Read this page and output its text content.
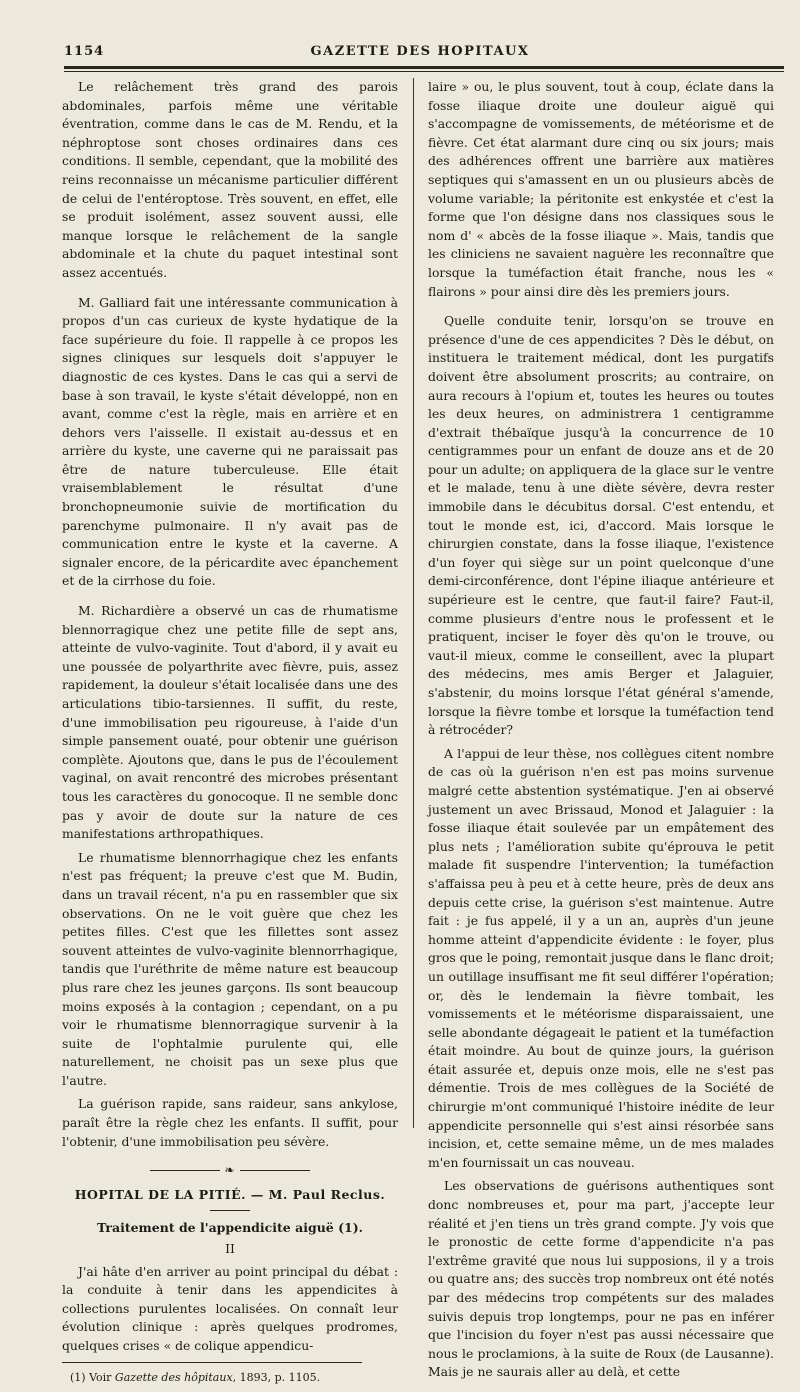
1154	GAZETTE DES HOPITAUX

Le relâchement très grand des parois abdominales, parfois même une véritable éventration, comme dans le cas de M. Rendu, et la néphroptose sont choses ordinaires dans ces conditions. Il semble, cependant, que la mobilité des reins reconnaisse un mécanisme particulier différent de celui de l'entéroptose. Très souvent, en effet, elle se produit isolément, assez souvent aussi, elle manque lorsque le relâchement de la sangle abdominale et la chute du paquet intestinal sont assez accentués.

M. Galliard fait une intéressante communication à propos d'un cas curieux de kyste hydatique de la face supérieure du foie. Il rappelle à ce propos les signes cliniques sur lesquels doit s'appuyer le diagnostic de ces kystes. Dans le cas qui a servi de base à son travail, le kyste s'était développé, non en avant, comme c'est la règle, mais en arrière et en dehors vers l'aisselle. Il existait au-dessus et en arrière du kyste, une caverne qui ne paraissait pas être de nature tuberculeuse. Elle était vraisemblablement le résultat d'une bronchopneumonie suivie de mortification du parenchyme pulmonaire. Il n'y avait pas de communication entre le kyste et la caverne. A signaler encore, de la péricardite avec épanchement et de la cirrhose du foie.

M. Richardière a observé un cas de rhumatisme blennorragique chez une petite fille de sept ans, atteinte de vulvo-vaginite. Tout d'abord, il y avait eu une poussée de polyarthrite avec fièvre, puis, assez rapidement, la douleur s'était localisée dans une des articulations tibio-tarsiennes. Il suffit, du reste, d'une immobilisation peu rigoureuse, à l'aide d'un simple pansement ouaté, pour obtenir une guérison complète. Ajoutons que, dans le pus de l'écoulement vaginal, on avait rencontré des microbes présentant tous les caractères du gonocoque. Il ne semble donc pas y avoir de doute sur la nature de ces manifestations arthropathiques.

Le rhumatisme blennorrhagique chez les enfants n'est pas fréquent; la preuve c'est que M. Budin, dans un travail récent, n'a pu en rassembler que six observations. On ne le voit guère que chez les petites filles. C'est que les fillettes sont assez souvent atteintes de vulvo-vaginite blennorrhagique, tandis que l'uréthrite de même nature est beaucoup plus rare chez les jeunes garçons. Ils sont beaucoup moins exposés à la contagion ; cependant, on a pu voir le rhumatisme blennorragique survenir à la suite de l'ophtalmie purulente qui, elle naturellement, ne choisit pas un sexe plus que l'autre.

La guérison rapide, sans raideur, sans ankylose, paraît être la règle chez les enfants. Il suffit, pour l'obtenir, d'une immobilisation peu sévère.

❧
HOPITAL DE LA PITIÉ. — M. Paul Reclus.
Traitement de l'appendicite aiguë (1).
II

J'ai hâte d'en arriver au point principal du débat : la conduite à tenir dans les appendicites à collections purulentes localisées. On connaît leur évolution clinique : après quelques prodromes, quelques crises « de colique appendicu-

(1) Voir Gazette des hôpitaux, 1893, p. 1105.

laire » ou, le plus souvent, tout à coup, éclate dans la fosse iliaque droite une douleur aiguë qui s'accompagne de vomissements, de météorisme et de fièvre. Cet état alarmant dure cinq ou six jours; mais des adhérences offrent une barrière aux matières septiques qui s'amassent en un ou plusieurs abcès de volume variable; la péritonite est enkystée et c'est la forme que l'on désigne dans nos classiques sous le nom d' « abcès de la fosse iliaque ». Mais, tandis que les cliniciens ne savaient naguère les reconnaître que lorsque la tuméfaction était franche, nous les « flairons » pour ainsi dire dès les premiers jours.

Quelle conduite tenir, lorsqu'on se trouve en présence d'une de ces appendicites ? Dès le début, on instituera le traitement médical, dont les purgatifs doivent être absolument proscrits; au contraire, on aura recours à l'opium et, toutes les heures ou toutes les deux heures, on administrera 1 centigramme d'extrait thébaïque jusqu'à la concurrence de 10 centigrammes pour un enfant de douze ans et de 20 pour un adulte; on appliquera de la glace sur le ventre et le malade, tenu à une diète sévère, devra rester immobile dans le décubitus dorsal. C'est entendu, et tout le monde est, ici, d'accord. Mais lorsque le chirurgien constate, dans la fosse iliaque, l'existence d'un foyer qui siège sur un point quelconque d'une demi-circonférence, dont l'épine iliaque antérieure et supérieure est le centre, que faut-il faire? Faut-il, comme plusieurs d'entre nous le professent et le pratiquent, inciser le foyer dès qu'on le trouve, ou vaut-il mieux, comme le conseillent, avec la plupart des médecins, mes amis Berger et Jalaguier, s'abstenir, du moins lorsque l'état général s'amende, lorsque la fièvre tombe et lorsque la tuméfaction tend à rétrocéder?

A l'appui de leur thèse, nos collègues citent nombre de cas où la guérison n'en est pas moins survenue malgré cette abstention systématique. J'en ai observé justement un avec Brissaud, Monod et Jalaguier : la fosse iliaque était soulevée par un empâtement des plus nets ; l'amélioration subite qu'éprouva le petit malade fit suspendre l'intervention; la tuméfaction s'affaissa peu à peu et à cette heure, près de deux ans depuis cette crise, la guérison s'est maintenue. Autre fait : je fus appelé, il y a un an, auprès d'un jeune homme atteint d'appendicite évidente : le foyer, plus gros que le poing, remontait jusque dans le flanc droit; un outillage insuffisant me fit seul différer l'opération; or, dès le lendemain la fièvre tombait, les vomissements et le météorisme disparaissaient, une selle abondante dégageait le patient et la tuméfaction était moindre. Au bout de quinze jours, la guérison était assurée et, depuis onze mois, elle ne s'est pas démentie. Trois de mes collègues de la Société de chirurgie m'ont communiqué l'histoire inédite de leur appendicite personnelle qui s'est ainsi résorbée sans incision, et, cette semaine même, un de mes malades m'en fournissait un cas nouveau.

Les observations de guérisons authentiques sont donc nombreuses et, pour ma part, j'accepte leur réalité et j'en tiens un très grand compte. J'y vois que le pronostic de cette forme d'appendicite n'a pas l'extrême gravité que nous lui supposions, il y a trois ou quatre ans; des succès trop nombreux ont été notés par des médecins trop compétents sur des malades suivis depuis trop longtemps, pour ne pas en inférer que l'incision du foyer n'est pas aussi nécessaire que nous le proclamions, à la suite de Roux (de Lausanne). Mais je ne saurais aller au delà, et cette
